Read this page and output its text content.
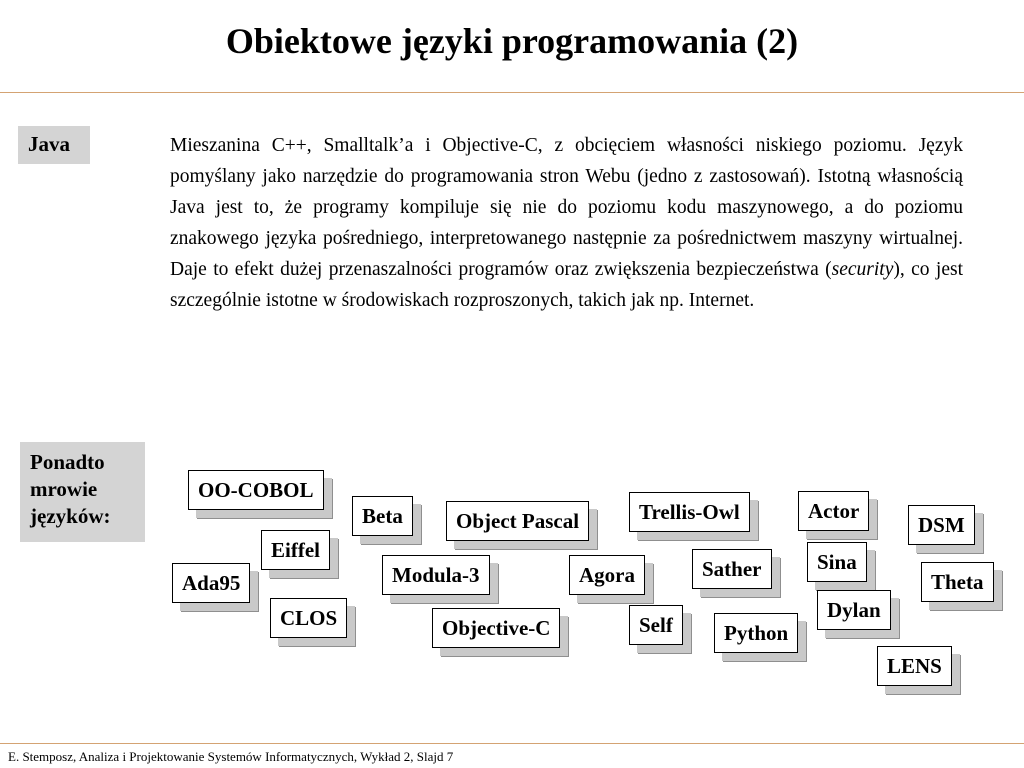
Obiektowe języki programowania (2)
Java	Mieszanina C++, Smalltalk’a i Objective-C, z obcięciem własności niskiego poziomu. Język pomyślany jako narzędzie do programowania stron Webu (jedno z zastosowań). Istotną własnością Java jest to, że programy kompiluje się nie do poziomu kodu maszynowego, a do poziomu znakowego języka pośredniego, interpretowanego następnie za pośrednictwem maszyny wirtualnej. Daje to efekt dużej przenaszalności programów oraz zwiększenia bezpieczeństwa (security), co jest szczególnie istotne w środowiskach rozproszonych, takich jak np. Internet.

Ponadto
mrowie
języków:
OO-COBOL
Beta	Object Pascal	Trellis-Owl	Actor
DSM
Eiffel
Ada95	Modula-3	Agora	Sather	Sina
Theta
CLOS	Objective-C	Self	Python
Dylan
LENS

E. Stemposz, Analiza i Projektowanie Systemów Informatycznych, Wykład 2, Slajd 7
